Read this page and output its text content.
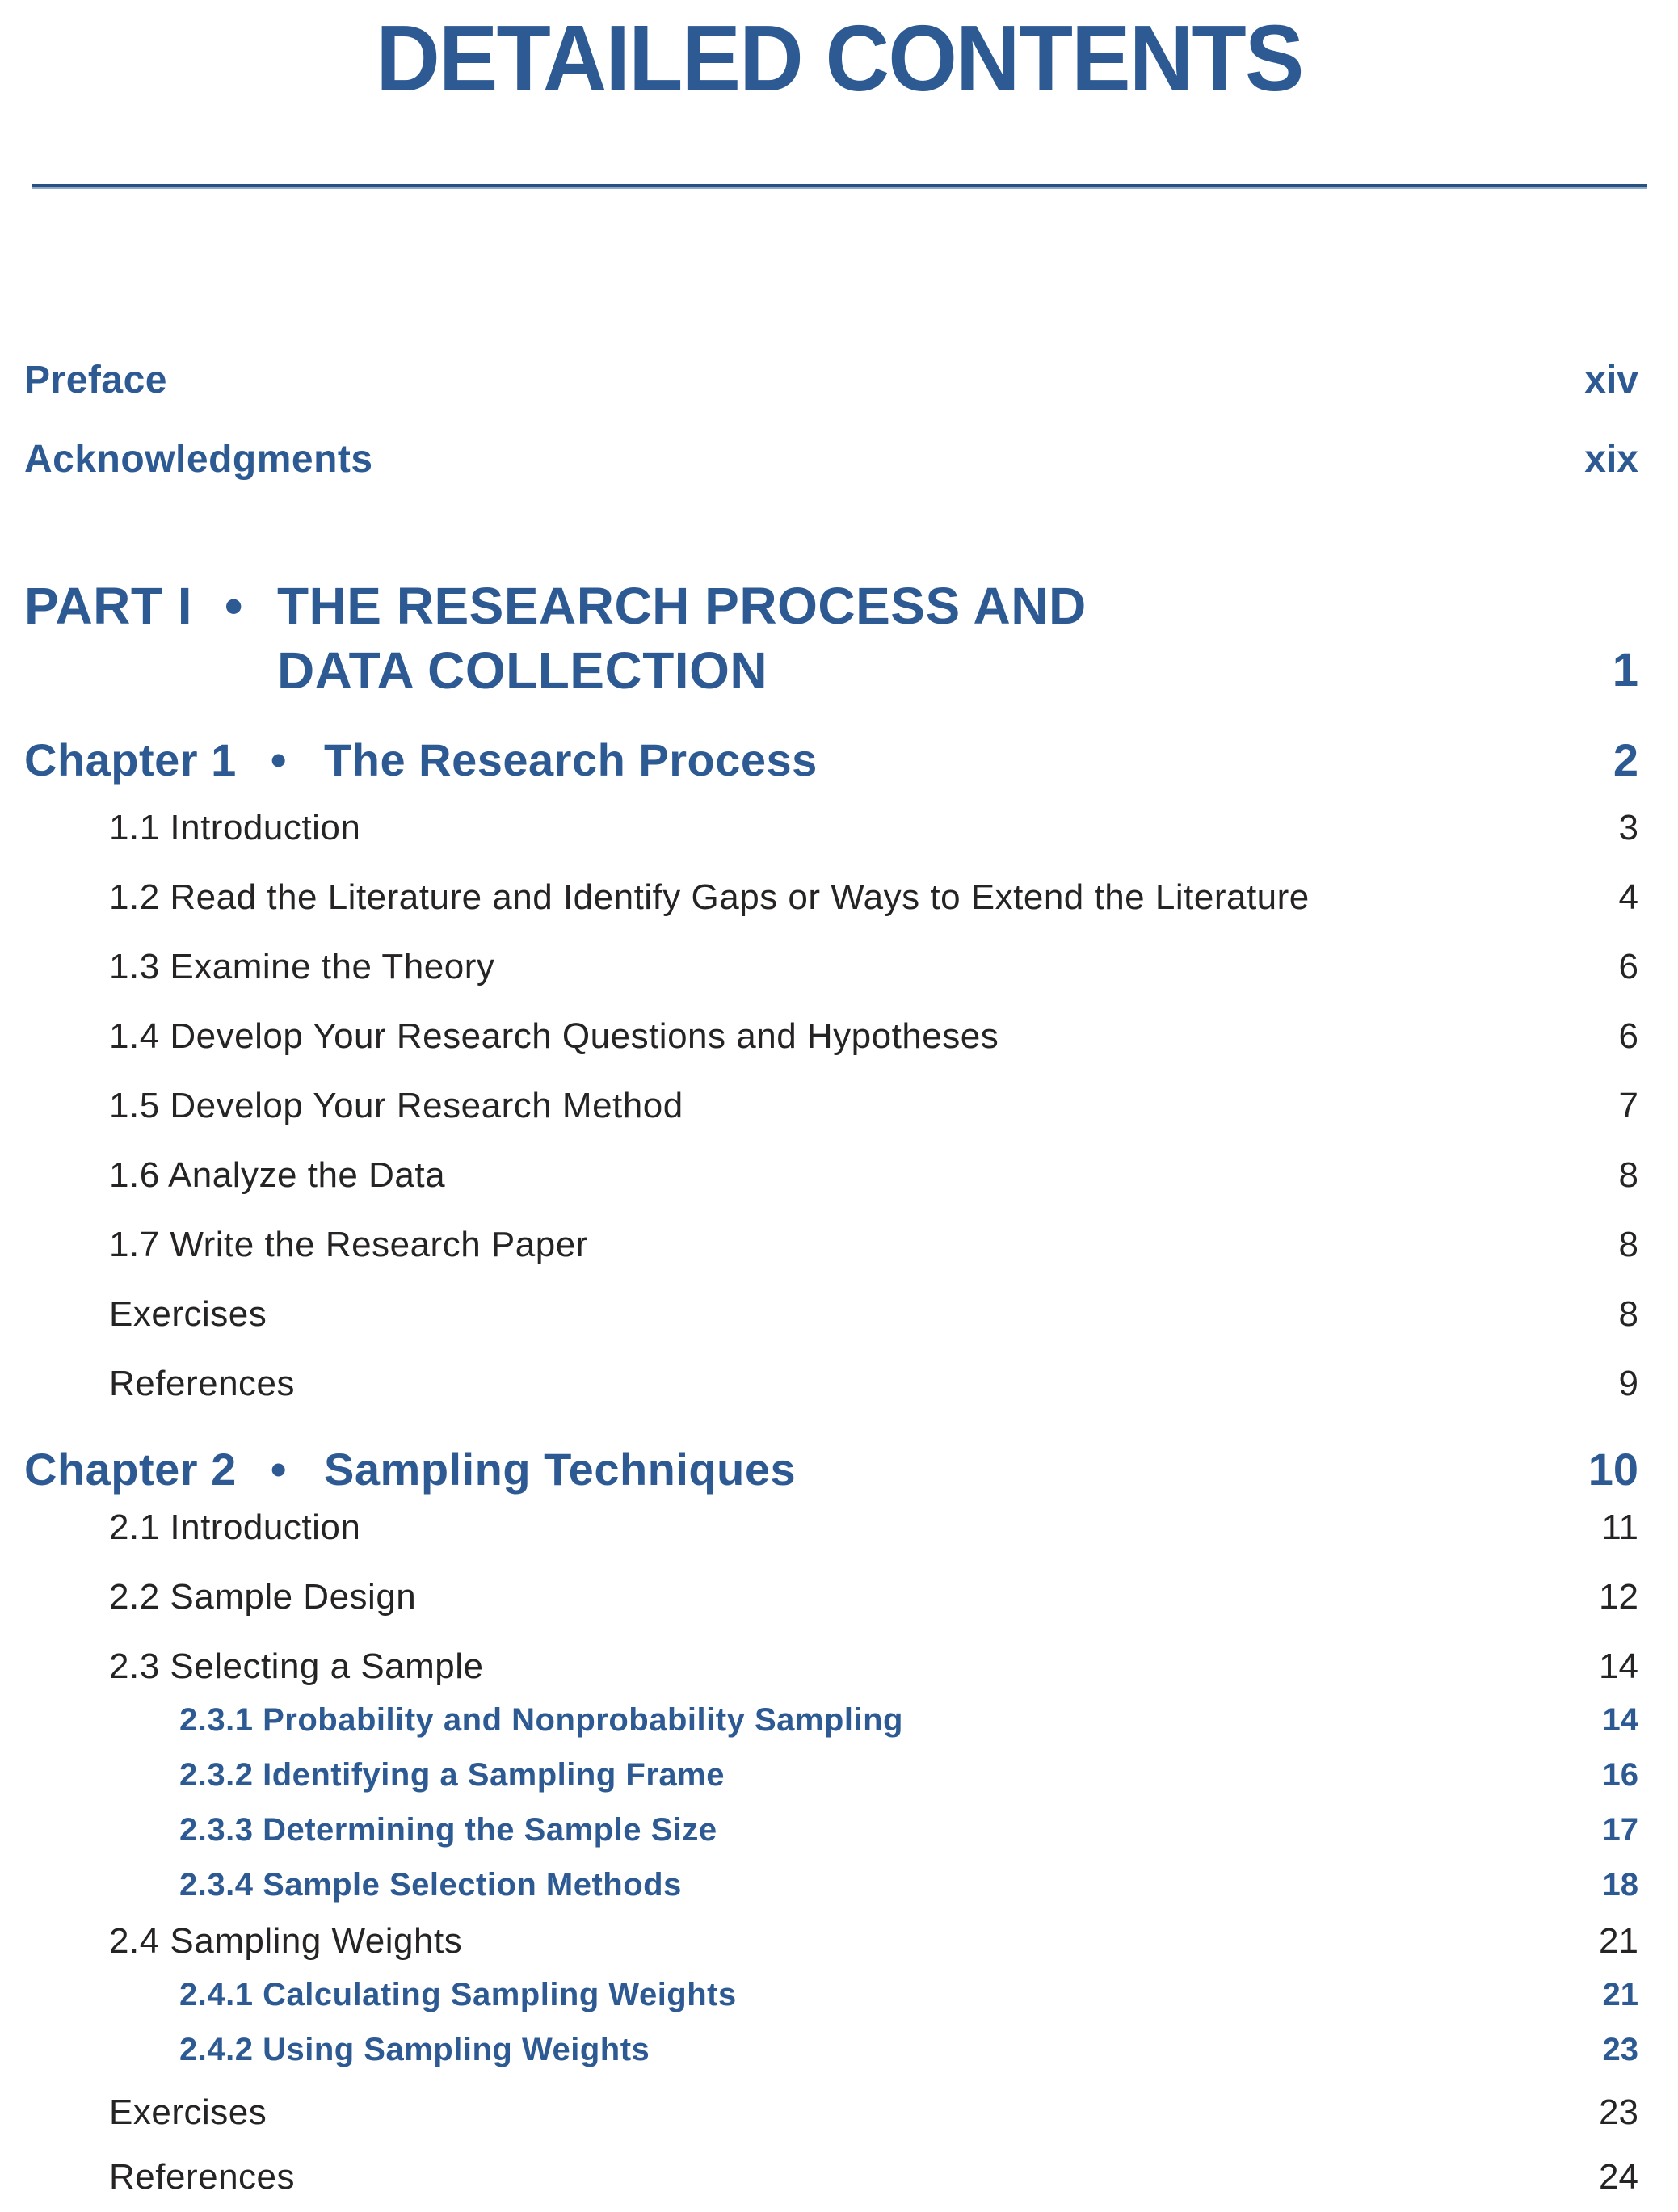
DETAILED CONTENTS
Preface	xiv
Acknowledgments	xix
PART I • THE RESEARCH PROCESS AND
DATA COLLECTION	1
Chapter 1 • The Research Process	2
1.1 Introduction	3
1.2 Read the Literature and Identify Gaps or Ways to Extend the Literature	4
1.3 Examine the Theory	6
1.4 Develop Your Research Questions and Hypotheses	6
1.5 Develop Your Research Method	7
1.6 Analyze the Data	8
1.7 Write the Research Paper	8
Exercises	8
References	9
Chapter 2 • Sampling Techniques	10
2.1 Introduction	11
2.2 Sample Design	12
2.3 Selecting a Sample	14
2.3.1 Probability and Nonprobability Sampling	14
2.3.2 Identifying a Sampling Frame	16
2.3.3 Determining the Sample Size	17
2.3.4 Sample Selection Methods	18
2.4 Sampling Weights	21
2.4.1 Calculating Sampling Weights	21
2.4.2 Using Sampling Weights	23
Exercises	23
References	24
